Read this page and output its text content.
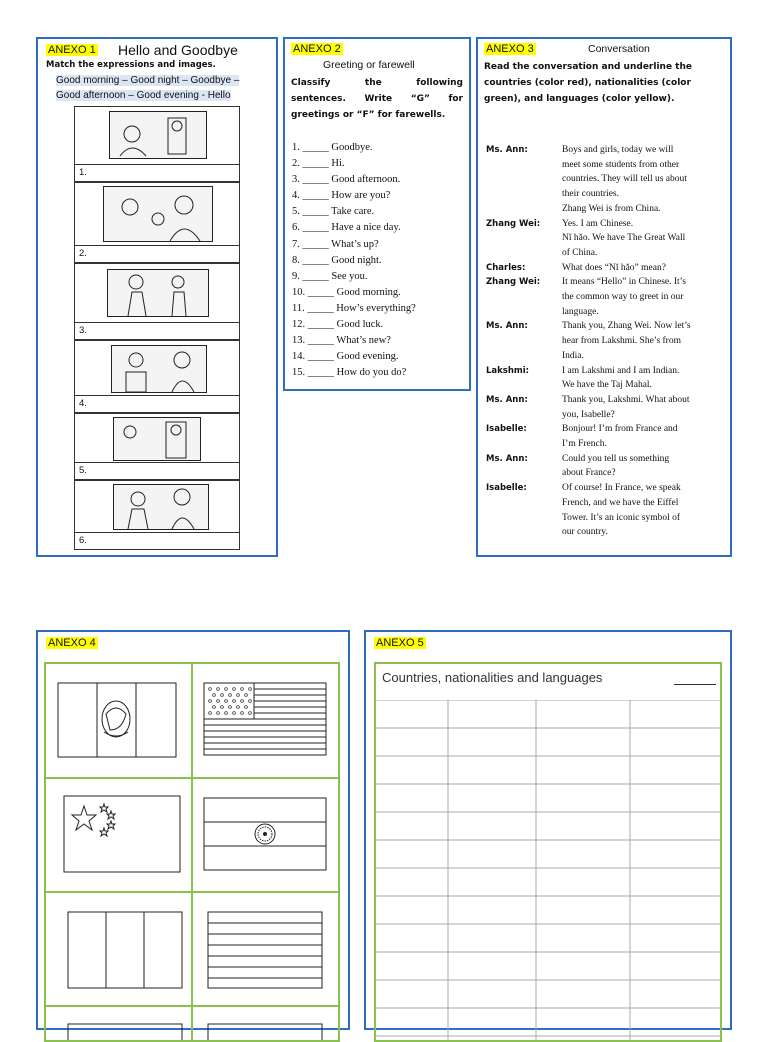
ANEXO 1 Hello and Goodbye
Match the expressions and images.
Good morning – Good night – Goodbye –
Good afternoon – Good evening - Hello
1.
2.
3.
4.
5.
6.
ANEXO 2
Greeting or farewell
Classify the following
sentences. Write “G” for
greetings or “F” for farewells.
1. _____ Goodbye.
2. _____ Hi.
3. _____ Good afternoon.
4. _____ How are you?
5. _____ Take care.
6. _____ Have a nice day.
7. _____ What’s up?
8. _____ Good night.
9. _____ See you.
10. _____ Good morning.
11. _____ How’s everything?
12. _____ Good luck.
13. _____ What’s new?
14. _____ Good evening.
15. _____ How do you do?
ANEXO 3	Conversation
Read the conversation and underline the
countries (color red), nationalities (color
green), and languages (color yellow).
Ms. Ann:	Boys and girls, today we will
meet some students from other
countries. They will tell us about
their countries.
Zhang Wei is from China.
Zhang Wei:	Yes. I am Chinese.
Nǐ hǎo. We have The Great Wall
of China.
Charles:	What does “Nǐ hǎo” mean?
Zhang Wei:	It means “Hello” in Chinese. It’s
the common way to greet in our
language.
Ms. Ann:	Thank you, Zhang Wei. Now let’s
hear from Lakshmi. She’s from
India.
Lakshmi:	I am Lakshmi and I am Indian.
We have the Taj Mahal.
Ms. Ann:	Thank you, Lakshmi. What about
you, Isabelle?
Isabelle:	Bonjour! I’m from France and
I’m French.
Ms. Ann:	Could you tell us something
about France?
Isabelle:	Of course! In France, we speak
French, and we have the Eiffel
Tower. It’s an iconic symbol of
our country.
ANEXO 4	ANEXO 5
Countries, nationalities and languages
